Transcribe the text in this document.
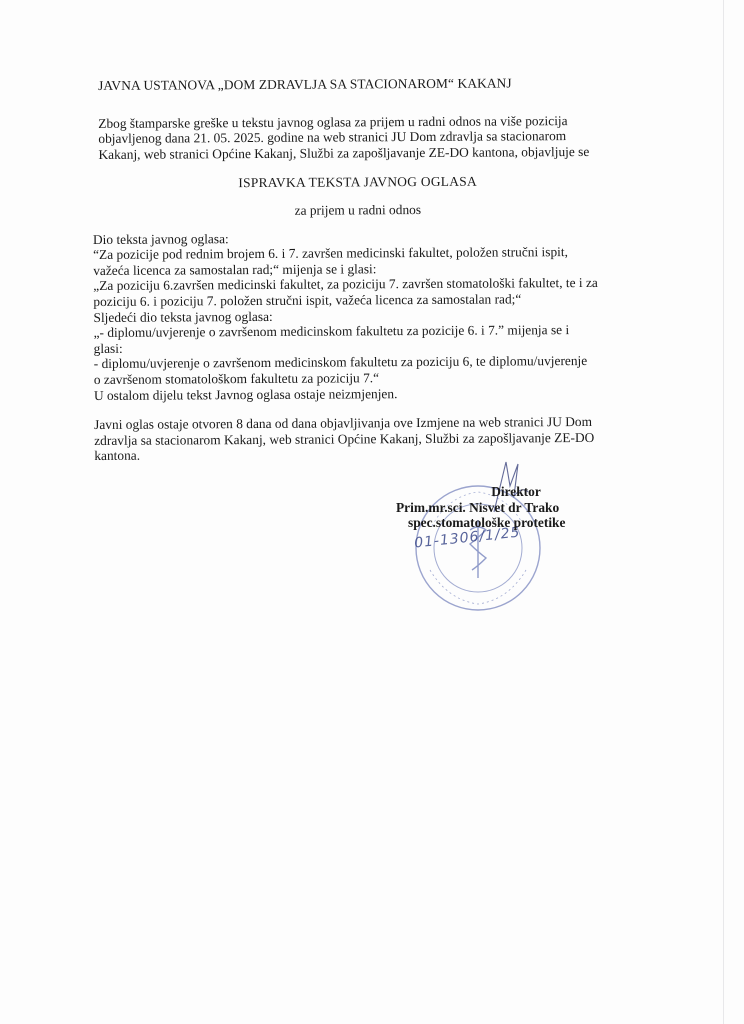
JAVNA USTANOVA „DOM ZDRAVLJA SA STACIONAROM“ KAKANJ
Zbog štamparske greške u tekstu javnog oglasa za prijem u radni odnos na više pozicija
objavljenog dana 21. 05. 2025. godine na web stranici JU Dom zdravlja sa stacionarom
Kakanj, web stranici Općine Kakanj, Službi za zapošljavanje ZE-DO kantona, objavljuje se
ISPRAVKA TEKSTA JAVNOG OGLASA
za prijem u radni odnos
Dio teksta javnog oglasa:
“Za pozicije pod rednim brojem 6. i 7. završen medicinski fakultet, položen stručni ispit,
važeća licenca za samostalan rad;“ mijenja se i glasi:
„Za poziciju 6.završen medicinski fakultet, za poziciju 7. završen stomatološki fakultet, te i za
poziciju 6. i poziciju 7. položen stručni ispit, važeća licenca za samostalan rad;“
Sljedeći dio teksta javnog oglasa:
„- diplomu/uvjerenje o završenom medicinskom fakultetu za pozicije 6. i 7.” mijenja se i
glasi:
- diplomu/uvjerenje o završenom medicinskom fakultetu za poziciju 6, te diplomu/uvjerenje
o završenom stomatološkom fakultetu za poziciju 7.“
U ostalom dijelu tekst Javnog oglasa ostaje neizmjenjen.
Javni oglas ostaje otvoren 8 dana od dana objavljivanja ove Izmjene na web stranici JU Dom
zdravlja sa stacionarom Kakanj, web stranici Općine Kakanj, Službi za zapošljavanje ZE-DO
kantona.
01-1306/1/25
Direktor
Prim.mr.sci. Nisvet dr Trako
spec.stomatološke protetike
